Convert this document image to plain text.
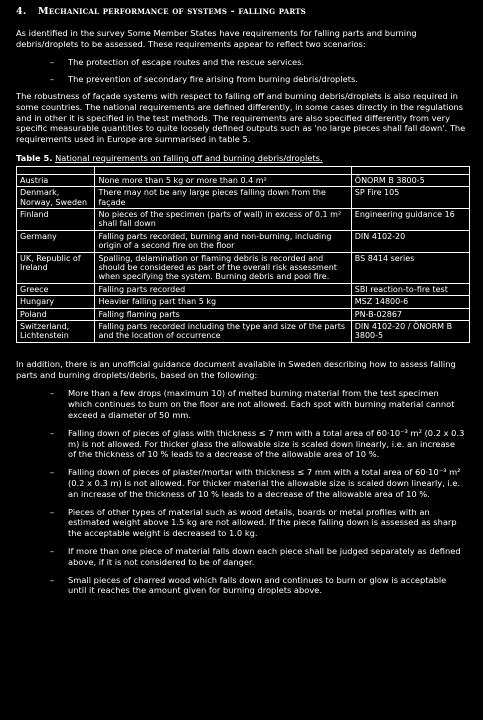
4. Mechanical performance of systems - falling parts

As identified in the survey Some Member States have requirements for falling parts and burning debris/droplets to be assessed. These requirements appear to reflect two scenarios:

– The protection of escape routes and the rescue services.
– The prevention of secondary fire arising from burning debris/droplets.

The robustness of façade systems with respect to falling off and burning debris/droplets is also required in some countries. The national requirements are defined differently, in some cases directly in the regulations and in other it is specified in the test methods. The requirements are also specified differently from very specific measurable quantities to quite loosely defined outputs such as 'no large pieces shall fall down'. The requirements used in Europe are summarised in table 5.

Table 5. National requirements on falling off and burning debris/droplets.

Austria	None more than 5 kg or more than 0.4 m²	ÖNORM B 3800-5
Denmark, Norway, Sweden	There may not be any large pieces falling down from the façade	SP Fire 105
Finland	No pieces of the specimen (parts of wall) in excess of 0.1 m² shall fall down	Engineering guidance 16
Germany	Falling parts recorded, burning and non-burning, including origin of a second fire on the floor	DIN 4102-20
UK, Republic of Ireland	Spalling, delamination or flaming debris is recorded and should be considered as part of the overall risk assessment when specifying the system. Burning debris and pool fire.	BS 8414 series
Greece	Falling parts recorded	SBI reaction-to-fire test
Hungary	Heavier falling part than 5 kg	MSZ 14800-6
Poland	Falling flaming parts	PN-B-02867
Switzerland, Lichtenstein	Falling parts recorded including the type and size of the parts and the location of occurrence	DIN 4102-20 / ÖNORM B 3800-5

In addition, there is an unofficial guidance document available in Sweden describing how to assess falling parts and burning droplets/debris, based on the following:

– More than a few drops (maximum 10) of melted burning material from the test specimen which continues to burn on the floor are not allowed. Each spot with burning material cannot exceed a diameter of 50 mm.
– Falling down of pieces of glass with thickness ≤ 7 mm with a total area of 60·10⁻³ m² (0.2 x 0.3 m) is not allowed. For thicker glass the allowable size is scaled down linearly, i.e. an increase of the thickness of 10 % leads to a decrease of the allowable area of 10 %.
– Falling down of pieces of plaster/mortar with thickness ≤ 7 mm with a total area of 60·10⁻³ m² (0.2 x 0.3 m) is not allowed. For thicker material the allowable size is scaled down linearly, i.e. an increase of the thickness of 10 % leads to a decrease of the allowable area of 10 %.
– Pieces of other types of material such as wood details, boards or metal profiles with an estimated weight above 1.5 kg are not allowed. If the piece falling down is assessed as sharp the acceptable weight is decreased to 1.0 kg.
– If more than one piece of material falls down each piece shall be judged separately as defined above, if it is not considered to be of danger.
– Small pieces of charred wood which falls down and continues to burn or glow is acceptable until it reaches the amount given for burning droplets above.
